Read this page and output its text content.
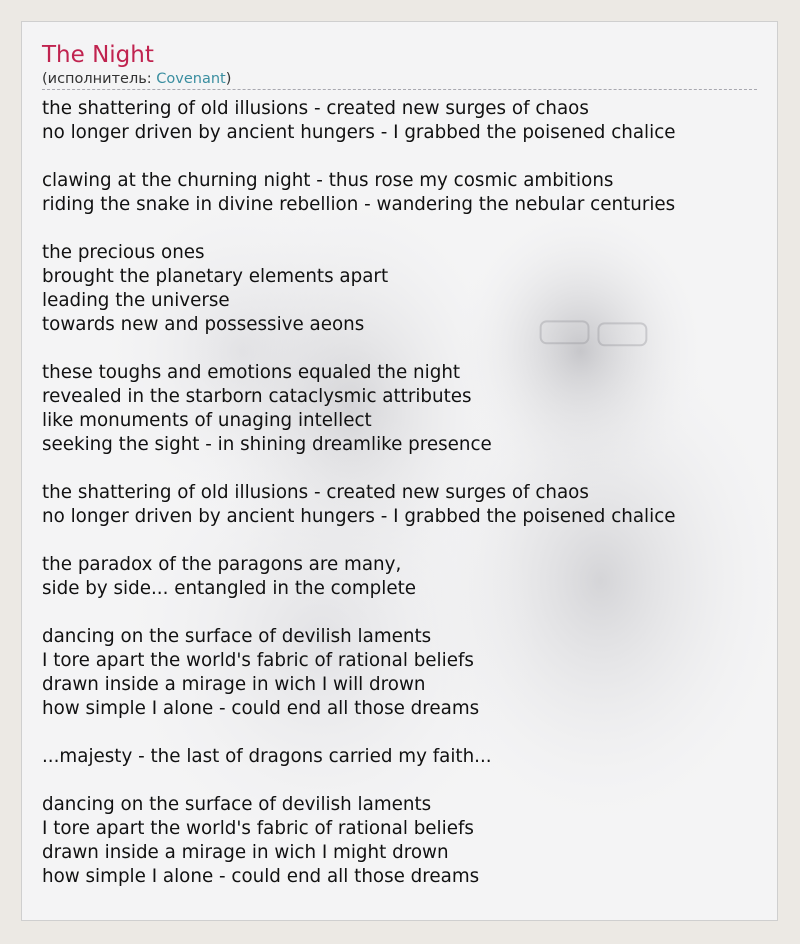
The Night

(исполнитель: Covenant)

the shattering of old illusions - created new surges of chaos
no longer driven by ancient hungers - I grabbed the poisened chalice
clawing at the churning night - thus rose my cosmic ambitions
riding the snake in divine rebellion - wandering the nebular centuries
the precious ones
brought the planetary elements apart
leading the universe
towards new and possessive aeons
these toughs and emotions equaled the night
revealed in the starborn cataclysmic attributes
like monuments of unaging intellect
seeking the sight - in shining dreamlike presence
the shattering of old illusions - created new surges of chaos
no longer driven by ancient hungers - I grabbed the poisened chalice
the paradox of the paragons are many,
side by side... entangled in the complete
dancing on the surface of devilish laments
I tore apart the world's fabric of rational beliefs
drawn inside a mirage in wich I will drown
how simple I alone - could end all those dreams
...majesty - the last of dragons carried my faith...
dancing on the surface of devilish laments
I tore apart the world's fabric of rational beliefs
drawn inside a mirage in wich I might drown
how simple I alone - could end all those dreams
